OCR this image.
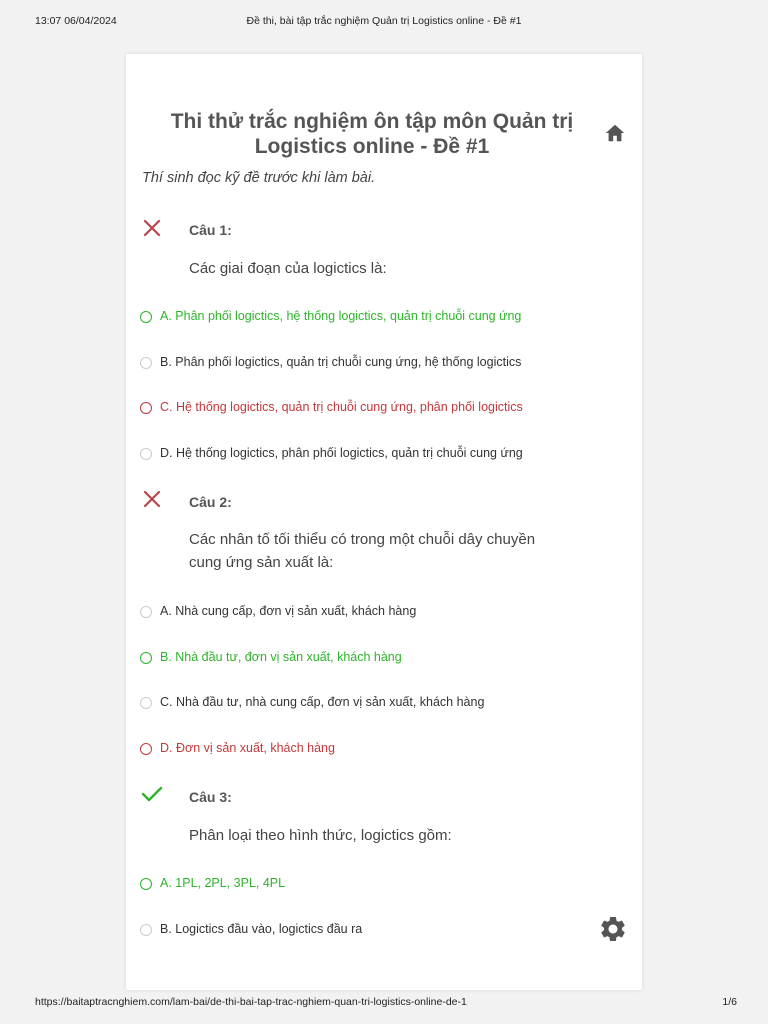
13:07 06/04/2024	Đề thi, bài tập trắc nghiệm Quản trị Logistics online - Đề #1
Thi thử trắc nghiệm ôn tập môn Quản trị Logistics online - Đề #1
Thí sinh đọc kỹ đề trước khi làm bài.
Câu 1:
Các giai đoạn của logictics là:
A. Phân phối logictics, hệ thống logictics, quản trị chuỗi cung ứng
B. Phân phối logictics, quản trị chuỗi cung ứng, hệ thống logictics
C. Hệ thống logictics, quản trị chuỗi cung ứng, phân phối logictics
D. Hệ thống logictics, phân phối logictics, quản trị chuỗi cung ứng
Câu 2:
Các nhân tố tối thiểu có trong một chuỗi dây chuyền cung ứng sản xuất là:
A. Nhà cung cấp, đơn vị sản xuất, khách hàng
B. Nhà đầu tư, đơn vị sản xuất, khách hàng
C. Nhà đầu tư, nhà cung cấp, đơn vị sản xuất, khách hàng
D. Đơn vị sản xuất, khách hàng
Câu 3:
Phân loại theo hình thức, logictics gồm:
A. 1PL, 2PL, 3PL, 4PL
B. Logictics đầu vào, logictics đầu ra
https://baitaptracnghiem.com/lam-bai/de-thi-bai-tap-trac-nghiem-quan-tri-logistics-online-de-1	1/6
